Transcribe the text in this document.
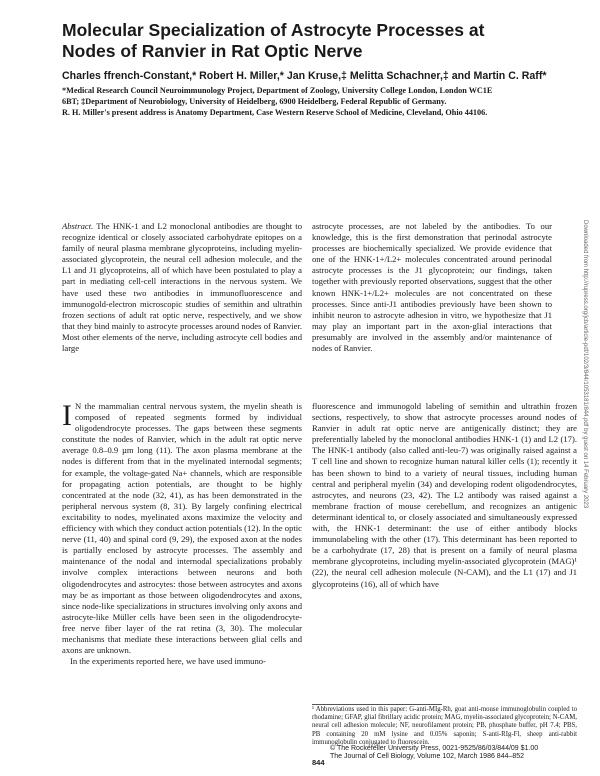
Molecular Specialization of Astrocyte Processes at Nodes of Ranvier in Rat Optic Nerve
Charles ffrench-Constant,* Robert H. Miller,* Jan Kruse,‡ Melitta Schachner,‡ and Martin C. Raff*
*Medical Research Council Neuroimmunology Project, Department of Zoology, University College London, London WC1E
6BT; ‡Department of Neurobiology, University of Heidelberg, 6900 Heidelberg, Federal Republic of Germany.
R. H. Miller's present address is Anatomy Department, Case Western Reserve School of Medicine, Cleveland, Ohio 44106.

Abstract. The HNK-1 and L2 monoclonal antibodies are thought to recognize identical or closely associated carbohydrate epitopes on a family of neural plasma membrane glycoproteins, including myelin-associated glycoprotein, the neural cell adhesion molecule, and the L1 and J1 glycoproteins, all of which have been postulated to play a part in mediating cell-cell interactions in the nervous system. We have used these two antibodies in immunofluorescence and immunogold-electron microscopic studies of semithin and ultrathin frozen sections of adult rat optic nerve, respectively, and we show that they bind mainly to astrocyte processes around nodes of Ranvier. Most other elements of the nerve, including astrocyte cell bodies and large

astrocyte processes, are not labeled by the antibodies. To our knowledge, this is the first demonstration that perinodal astrocyte processes are biochemically specialized. We provide evidence that one of the HNK-1+/L2+ molecules concentrated around perinodal astrocyte processes is the J1 glycoprotein; our findings, taken together with previously reported observations, suggest that the other known HNK-1+/L2+ molecules are not concentrated on these processes. Since anti-J1 antibodies previously have been shown to inhibit neuron to astrocyte adhesion in vitro, we hypothesize that J1 may play an important part in the axon-glial interactions that presumably are involved in the assembly and/or maintenance of nodes of Ranvier.

I N the mammalian central nervous system, the myelin sheath is composed of repeated segments formed by individual oligodendrocyte processes. The gaps between these segments constitute the nodes of Ranvier, which in the adult rat optic nerve average 0.8–0.9 µm long (11). The axon plasma membrane at the nodes is different from that in the myelinated internodal segments; for example, the voltage-gated Na+ channels, which are responsible for propagating action potentials, are thought to be highly concentrated at the node (32, 41), as has been demonstrated in the peripheral nervous system (8, 31). By largely confining electrical excitability to nodes, myelinated axons maximize the velocity and efficiency with which they conduct action potentials (12). In the optic nerve (11, 40) and spinal cord (9, 29), the exposed axon at the nodes is partially enclosed by astrocyte processes. The assembly and maintenance of the nodal and internodal specializations probably involve complex interactions between neurons and both oligodendrocytes and astrocytes: those between astrocytes and axons may be as important as those between oligodendrocytes and axons, since node-like specializations in structures involving only axons and astrocyte-like Müller cells have been seen in the oligodendrocyte-free nerve fiber layer of the rat retina (3, 30). The molecular mechanisms that mediate these interactions between glial cells and axons are unknown.

In the experiments reported here, we have used immuno-

fluorescence and immunogold labeling of semithin and ultrathin frozen sections, respectively, to show that astrocyte processes around nodes of Ranvier in adult rat optic nerve are antigenically distinct; they are preferentially labeled by the monoclonal antibodies HNK-1 (1) and L2 (17). The HNK-1 antibody (also called anti-leu-7) was originally raised against a T cell line and shown to recognize human natural killer cells (1); recently it has been shown to bind to a variety of neural tissues, including human central and peripheral myelin (34) and developing rodent oligodendrocytes, astrocytes, and neurons (23, 42). The L2 antibody was raised against a membrane fraction of mouse cerebellum, and recognizes an antigenic determinant identical to, or closely associated and simultaneously expressed with, the HNK-1 determinant: the use of either antibody blocks immunolabeling with the other (17). This determinant has been reported to be a carbohydrate (17, 28) that is present on a family of neural plasma membrane glycoproteins, including myelin-associated glycoprotein (MAG)¹ (22), the neural cell adhesion molecule (N-CAM), and the L1 (17) and J1 glycoproteins (16), all of which have

¹ Abbreviations used in this paper: G-anti-MIg-Rh, goat anti-mouse immunoglobulin coupled to rhodamine; GFAP, glial fibrillary acidic protein; MAG, myelin-associated glycoprotein; N-CAM, neural cell adhesion molecule; NF, neurofilament protein; PB, phosphate buffer, pH 7.4; PBS, PB containing 20 mM lysine and 0.05% saponin; S-anti-RIg-Fl, sheep anti-rabbit immunoglobulin conjugated to fluorescein.
© The Rockefeller University Press, 0021-9525/86/03/844/09 $1.00
The Journal of Cell Biology, Volume 102, March 1986 844–852
844
Downloaded from http://rupress.org/jcb/article-pdf/102/3/844/1053181/844.pdf by guest on 14 February 2023
